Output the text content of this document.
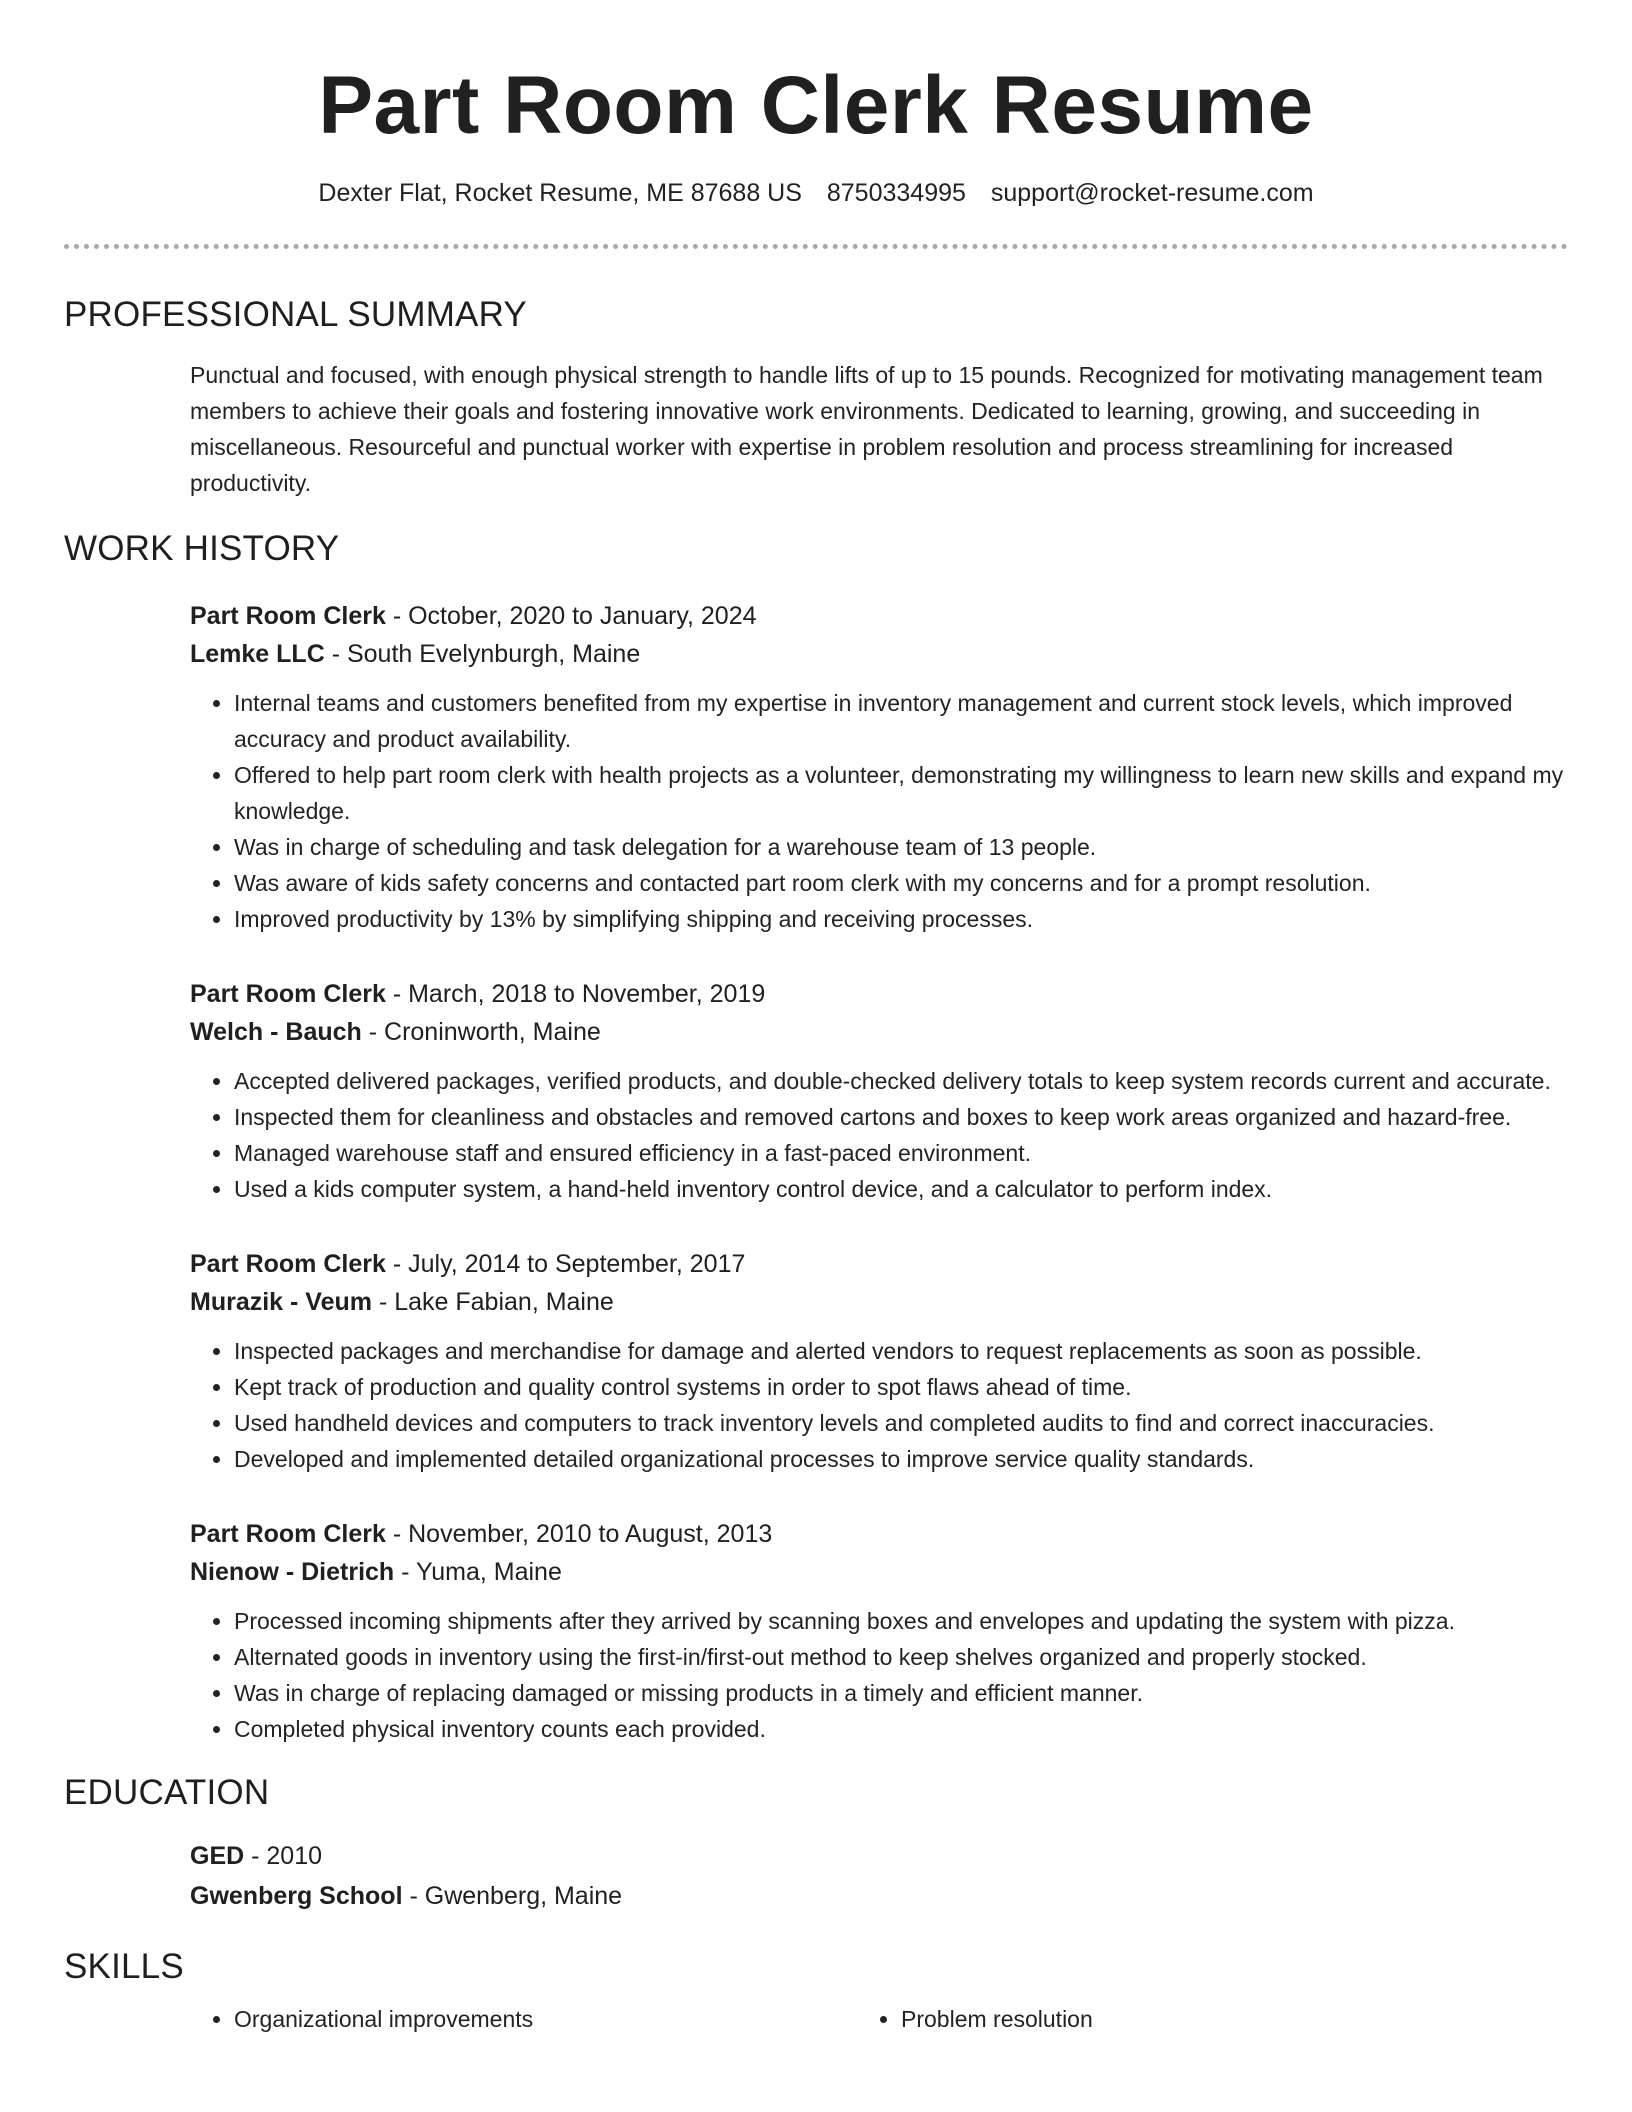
Part Room Clerk Resume
Dexter Flat, Rocket Resume, ME 87688 US 8750334995 support@rocket-resume.com
PROFESSIONAL SUMMARY

Punctual and focused, with enough physical strength to handle lifts of up to 15 pounds. Recognized for motivating management team members to achieve their goals and fostering innovative work environments. Dedicated to learning, growing, and succeeding in miscellaneous. Resourceful and punctual worker with expertise in problem resolution and process streamlining for increased productivity.

WORK HISTORY

Part Room Clerk - October, 2020 to January, 2024

Lemke LLC - South Evelynburgh, Maine

• Internal teams and customers benefited from my expertise in inventory management and current stock levels, which improved accuracy and product availability.
• Offered to help part room clerk with health projects as a volunteer, demonstrating my willingness to learn new skills and expand my knowledge.
• Was in charge of scheduling and task delegation for a warehouse team of 13 people.
• Was aware of kids safety concerns and contacted part room clerk with my concerns and for a prompt resolution.
• Improved productivity by 13% by simplifying shipping and receiving processes.

Part Room Clerk - March, 2018 to November, 2019

Welch - Bauch - Croninworth, Maine

• Accepted delivered packages, verified products, and double-checked delivery totals to keep system records current and accurate.
• Inspected them for cleanliness and obstacles and removed cartons and boxes to keep work areas organized and hazard-free.
• Managed warehouse staff and ensured efficiency in a fast-paced environment.
• Used a kids computer system, a hand-held inventory control device, and a calculator to perform index.

Part Room Clerk - July, 2014 to September, 2017

Murazik - Veum - Lake Fabian, Maine

• Inspected packages and merchandise for damage and alerted vendors to request replacements as soon as possible.
• Kept track of production and quality control systems in order to spot flaws ahead of time.
• Used handheld devices and computers to track inventory levels and completed audits to find and correct inaccuracies.
• Developed and implemented detailed organizational processes to improve service quality standards.

Part Room Clerk - November, 2010 to August, 2013

Nienow - Dietrich - Yuma, Maine

• Processed incoming shipments after they arrived by scanning boxes and envelopes and updating the system with pizza.
• Alternated goods in inventory using the first-in/first-out method to keep shelves organized and properly stocked.
• Was in charge of replacing damaged or missing products in a timely and efficient manner.
• Completed physical inventory counts each provided.
EDUCATION

GED - 2010

Gwenberg School - Gwenberg, Maine

SKILLS
• Organizational improvements
•	Problem resolution
